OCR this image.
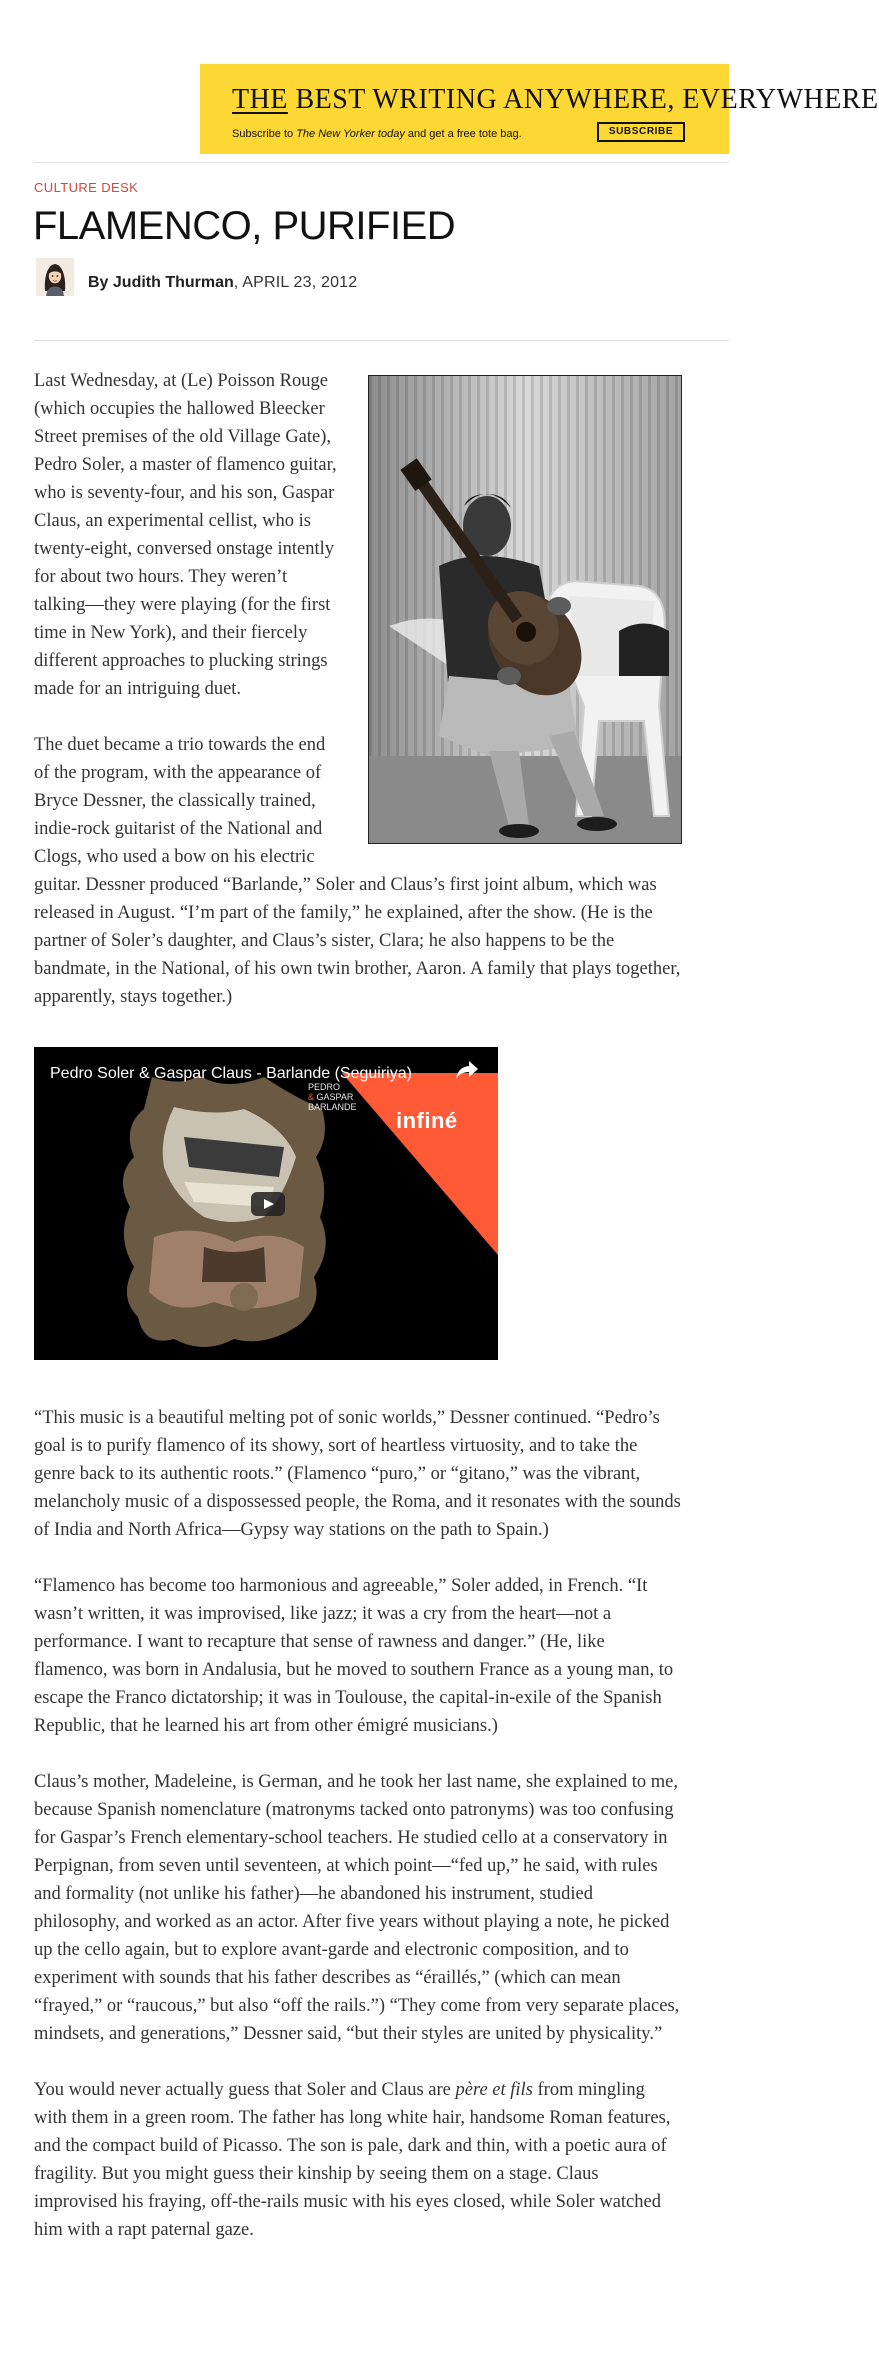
THE BEST WRITING ANYWHERE, EVERYWHERE
Subscribe to The New Yorker today and get a free tote bag.	SUBSCRIBE
CULTURE DESK
FLAMENCO, PURIFIED
By Judith Thurman, APRIL 23, 2012

Last Wednesday, at (Le) Poisson Rouge (which occupies the hallowed Bleecker Street premises of the old Village Gate), Pedro Soler, a master of flamenco guitar, who is seventy-four, and his son, Gaspar Claus, an experimental cellist, who is twenty-eight, conversed onstage intently for about two hours. They weren’t talking—they were playing (for the first time in New York), and their fiercely different approaches to plucking strings made for an intriguing duet.

The duet became a trio towards the end of the program, with the appearance of Bryce Dessner, the classically trained, indie-rock guitarist of the National and Clogs, who used a bow on his electric guitar. Dessner produced “Barlande,” Soler and Claus’s first joint album, which was released in August. “I’m part of the family,” he explained, after the show. (He is the partner of Soler’s daughter, and Claus’s sister, Clara; he also happens to be the bandmate, in the National, of his own twin brother, Aaron. A family that plays together, apparently, stays together.)

PEDRO
& GASPAR
BARLANDE
infiné
Pedro Soler & Gaspar Claus - Barlande (Seguiriya)

“This music is a beautiful melting pot of sonic worlds,” Dessner continued. “Pedro’s goal is to purify flamenco of its showy, sort of heartless virtuosity, and to take the genre back to its authentic roots.” (Flamenco “puro,” or “gitano,” was the vibrant, melancholy music of a dispossessed people, the Roma, and it resonates with the sounds of India and North Africa—Gypsy way stations on the path to Spain.)

“Flamenco has become too harmonious and agreeable,” Soler added, in French. “It wasn’t written, it was improvised, like jazz; it was a cry from the heart—not a performance. I want to recapture that sense of rawness and danger.” (He, like flamenco, was born in Andalusia, but he moved to southern France as a young man, to escape the Franco dictatorship; it was in Toulouse, the capital-in-exile of the Spanish Republic, that he learned his art from other émigré musicians.)

Claus’s mother, Madeleine, is German, and he took her last name, she explained to me, because Spanish nomenclature (matronyms tacked onto patronyms) was too confusing for Gaspar’s French elementary-school teachers. He studied cello at a conservatory in Perpignan, from seven until seventeen, at which point—“fed up,” he said, with rules and formality (not unlike his father)—he abandoned his instrument, studied philosophy, and worked as an actor. After five years without playing a note, he picked up the cello again, but to explore avant-garde and electronic composition, and to experiment with sounds that his father describes as “éraillés,” (which can mean “frayed,” or “raucous,” but also “off the rails.”) “They come from very separate places, mindsets, and generations,” Dessner said, “but their styles are united by physicality.”

You would never actually guess that Soler and Claus are père et fils from mingling with them in a green room. The father has long white hair, handsome Roman features, and the compact build of Picasso. The son is pale, dark and thin, with a poetic aura of fragility. But you might guess their kinship by seeing them on a stage. Claus improvised his fraying, off-the-rails music with his eyes closed, while Soler watched him with a rapt paternal gaze.
